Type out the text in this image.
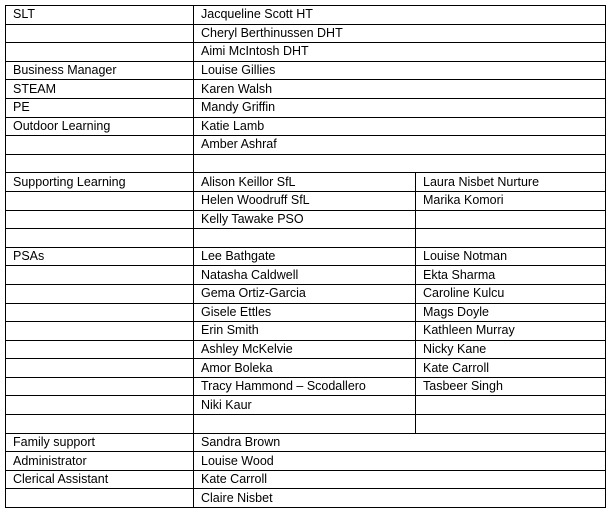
SLT	Jacqueline Scott HT	
	Cheryl Berthinussen DHT	
	Aimi McIntosh DHT	
Business Manager	Louise Gillies	
STEAM	Karen Walsh	
PE	Mandy Griffin	
Outdoor Learning	Katie Lamb	
	Amber Ashraf	

Supporting Learning	Alison Keillor SfL	Laura Nisbet Nurture
	Helen Woodruff SfL	Marika Komori
	Kelly Tawake PSO	

PSAs	Lee Bathgate	Louise Notman
	Natasha Caldwell	Ekta Sharma
	Gema Ortiz-Garcia	Caroline Kulcu
	Gisele Ettles	Mags Doyle
	Erin Smith	Kathleen Murray
	Ashley McKelvie	Nicky Kane
	Amor Boleka	Kate Carroll
	Tracy Hammond – Scodallero	Tasbeer Singh
	Niki Kaur	

Family support	Sandra Brown	
Administrator	Louise Wood	
Clerical Assistant	Kate Carroll	
	Claire Nisbet	
